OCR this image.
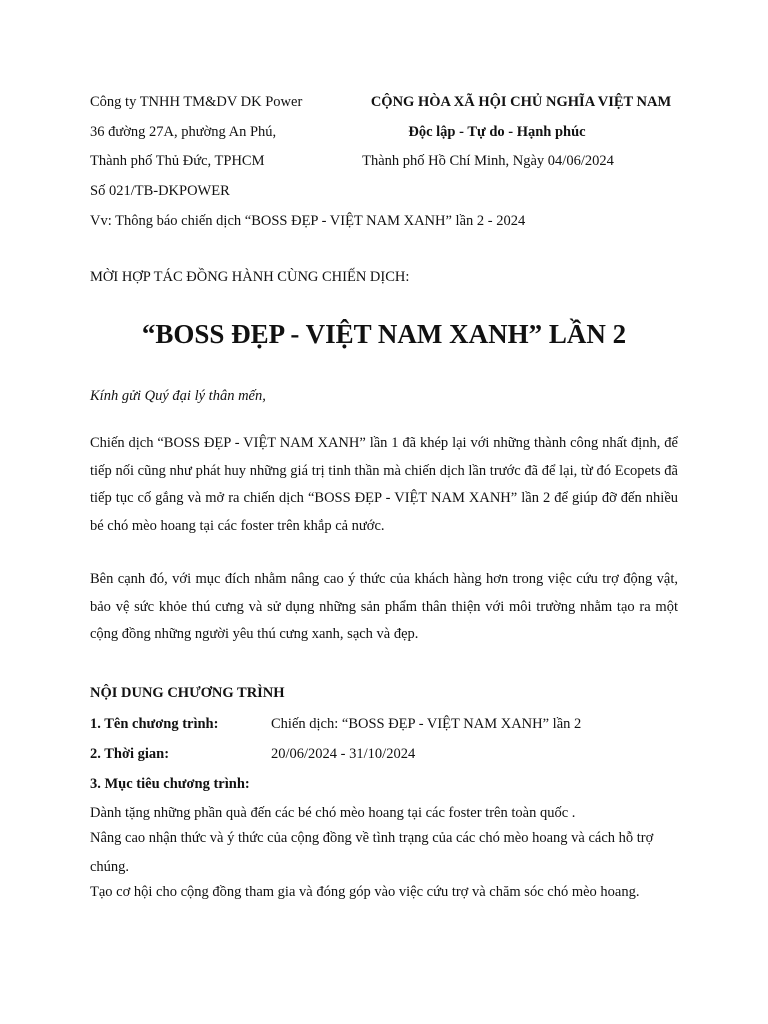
Công ty TNHH TM&DV DK Power
36 đường 27A, phường An Phú,
Thành phố Thủ Đức, TPHCM
Số 021/TB-DKPOWER
Vv: Thông báo chiến dịch “BOSS ĐẸP - VIỆT NAM XANH” lần 2 - 2024
CỘNG HÒA XÃ HỘI CHỦ NGHĨA VIỆT NAM
Độc lập - Tự do - Hạnh phúc
Thành phố Hồ Chí Minh, Ngày 04/06/2024
MỜI HỢP TÁC ĐỒNG HÀNH CÙNG CHIẾN DỊCH:
“BOSS ĐẸP - VIỆT NAM XANH” LẦN 2
Kính gửi Quý đại lý thân mến,
Chiến dịch “BOSS ĐẸP - VIỆT NAM XANH” lần 1 đã khép lại với những thành công nhất định, để tiếp nối cũng như phát huy những giá trị tinh thần mà chiến dịch lần trước đã để lại, từ đó Ecopets đã tiếp tục cố gắng và mở ra chiến dịch “BOSS ĐẸP - VIỆT NAM XANH” lần 2 để giúp đỡ đến nhiều bé chó mèo hoang tại các foster trên khắp cả nước.
Bên cạnh đó, với mục đích nhằm nâng cao ý thức của khách hàng hơn trong việc cứu trợ động vật, bảo vệ sức khỏe thú cưng và sử dụng những sản phẩm thân thiện với môi trường nhằm tạo ra một cộng đồng những người yêu thú cưng xanh, sạch và đẹp.
NỘI DUNG CHƯƠNG TRÌNH
1. Tên chương trình:	Chiến dịch: “BOSS ĐẸP - VIỆT NAM XANH” lần 2
2. Thời gian:	20/06/2024 - 31/10/2024
3. Mục tiêu chương trình:
Dành tặng những phần quà đến các bé chó mèo hoang tại các foster trên toàn quốc .
Nâng cao nhận thức và ý thức của cộng đồng về tình trạng của các chó mèo hoang và cách hỗ trợ chúng.
Tạo cơ hội cho cộng đồng tham gia và đóng góp vào việc cứu trợ và chăm sóc chó mèo hoang.
